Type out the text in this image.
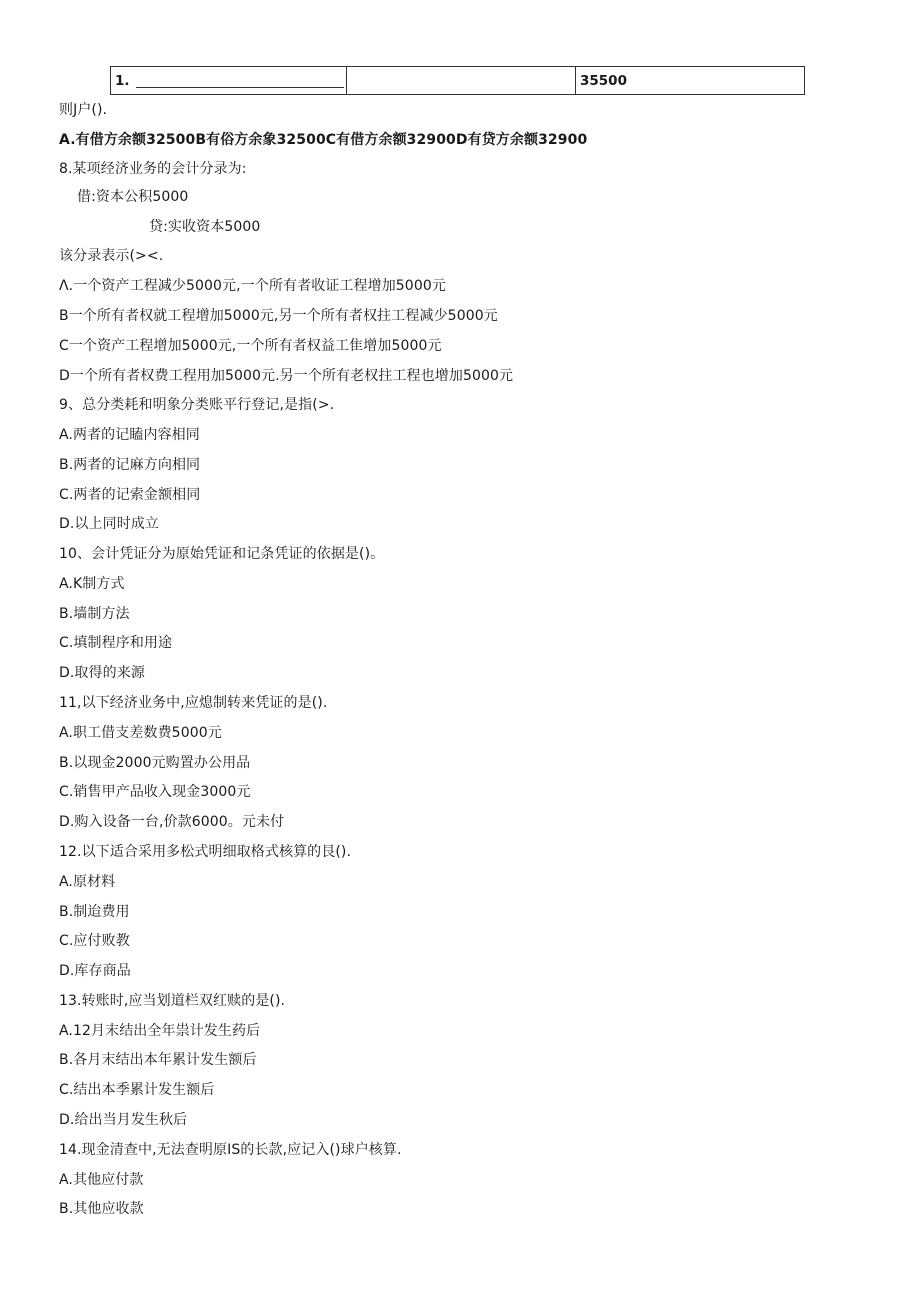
1.	35500
则J户().
A.有借方余额32500B有俗方余象32500C有借方余额32900D有贷方余额32900
8.某项经济业务的会计分录为:
借:资本公积5000
贷:实收资本5000
该分录表示(><.
Λ.一个资产工程减少5000元,一个所有者收证工程增加5000元
B一个所有者权就工程增加5000元,另一个所有者权拄工程减少5000元
C一个资产工程增加5000元,一个所有者权益工隹增加5000元
D一个所有者权费工程用加5000元.另一个所有老权拄工程也增加5000元
9、总分类耗和明象分类账平行登记,是指(>.
A.两者的记瞌内容相同
B.两者的记麻方向相同
C.两者的记索金额相同
D.以上同时成立
10、会计凭证分为原始凭证和记条凭证的依据是()。
A.K制方式
B.墙制方法
C.填制程序和用途
D.取得的来源
11,以下经济业务中,应熄制转来凭证的是().
A.职工借支差数费5000元
B.以现金2000元购置办公用品
C.销售甲产品收入现金3000元
D.购入设备一台,价款6000。元未付
12.以下适合采用多松式明细取格式核算的艮().
A.原材料
B.制迨费用
C.应付败教
D.库存商品
13.转账时,应当划道栏双红赎的是().
A.12月末结出全年祟计发生药后
B.各月末结出本年累计发生额后
C.结出本季累计发生额后
D.给出当月发生秋后
14.现金清查中,无法查明原IS的长款,应记入()球户核算.
A.其他应付款
B.其他应收款
